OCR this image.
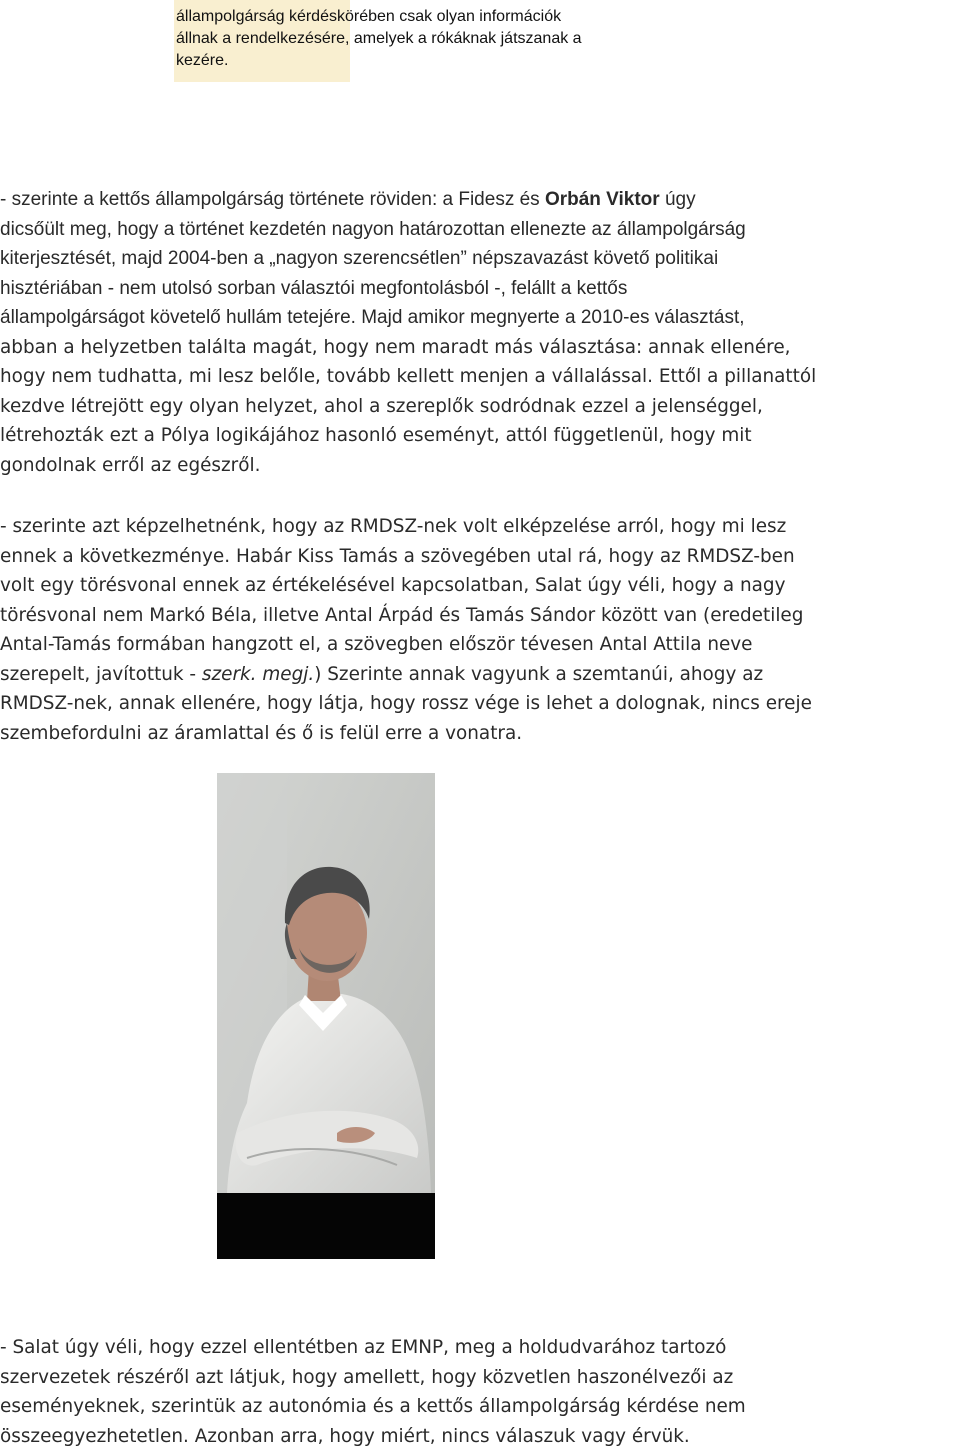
állampolgárság kérdéskörében csak olyan információk
állnak a rendelkezésére, amelyek a rókáknak játszanak a
kezére.
- szerinte a kettős állampolgárság története röviden: a Fidesz és Orbán Viktor úgy
dicsőült meg, hogy a történet kezdetén nagyon határozottan ellenezte az állampolgárság
kiterjesztését, majd 2004-ben a „nagyon szerencsétlen” népszavazást követő politikai
hisztériában - nem utolsó sorban választói megfontolásból -, felállt a kettős
állampolgárságot követelő hullám tetejére. Majd amikor megnyerte a 2010-es választást,
abban a helyzetben találta magát, hogy nem maradt más választása: annak ellenére,
hogy nem tudhatta, mi lesz belőle, tovább kellett menjen a vállalással. Ettől a pillanattól
kezdve létrejött egy olyan helyzet, ahol a szereplők sodródnak ezzel a jelenséggel,
létrehozták ezt a Pólya logikájához hasonló eseményt, attól függetlenül, hogy mit
gondolnak erről az egészről.
- szerinte azt képzelhetnénk, hogy az RMDSZ-nek volt elképzelése arról, hogy mi lesz
ennek a következménye. Habár Kiss Tamás a szövegében utal rá, hogy az RMDSZ-ben
volt egy törésvonal ennek az értékelésével kapcsolatban, Salat úgy véli, hogy a nagy
törésvonal nem Markó Béla, illetve Antal Árpád és Tamás Sándor között van (eredetileg
Antal-Tamás formában hangzott el, a szövegben először tévesen Antal Attila neve
szerepelt, javítottuk - szerk. megj.) Szerinte annak vagyunk a szemtanúi, ahogy az
RMDSZ-nek, annak ellenére, hogy látja, hogy rossz vége is lehet a dolognak, nincs ereje
szembefordulni az áramlattal és ő is felül erre a vonatra.
- Salat úgy véli, hogy ezzel ellentétben az EMNP, meg a holdudvarához tartozó
szervezetek részéről azt látjuk, hogy amellett, hogy közvetlen haszonélvezői az
eseményeknek, szerintük az autonómia és a kettős állampolgárság kérdése nem
összeegyezhetetlen. Azonban arra, hogy miért, nincs válaszuk vagy érvük.
